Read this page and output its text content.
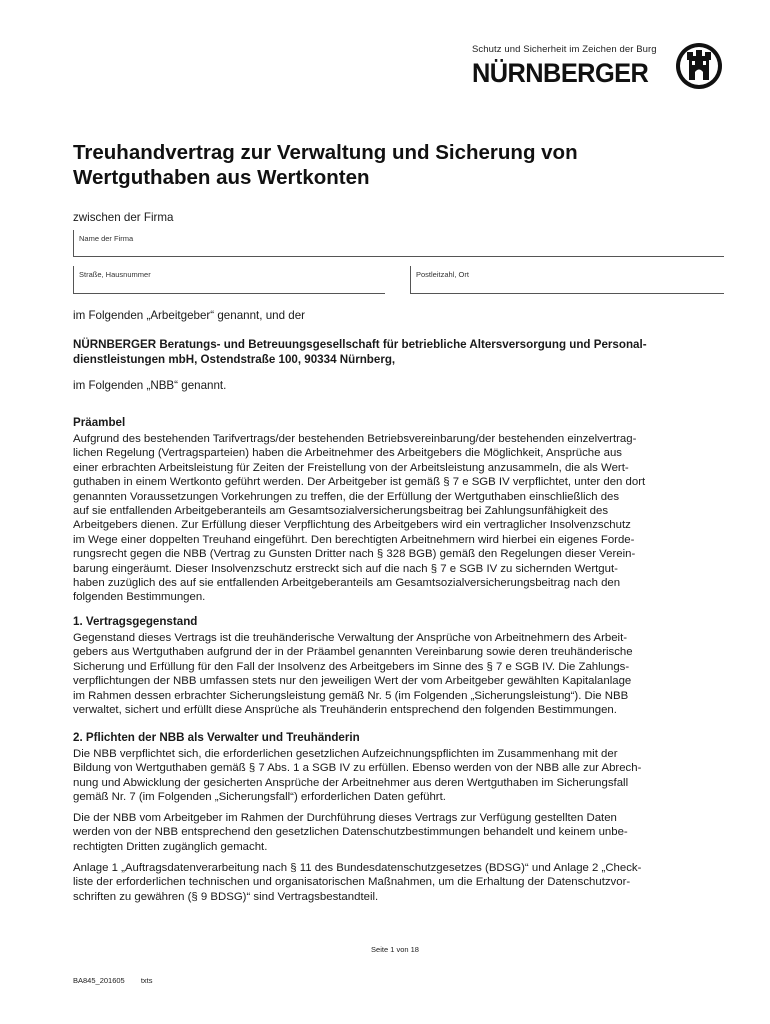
Schutz und Sicherheit im Zeichen der Burg
NÜRNBERGER
Treuhandvertrag zur Verwaltung und Sicherung von
Wertguthaben aus Wertkonten
zwischen der Firma
Name der Firma
Straße, Hausnummer	Postleitzahl, Ort
im Folgenden „Arbeitgeber“ genannt, und der
NÜRNBERGER Beratungs- und Betreuungsgesellschaft für betriebliche Altersversorgung und Personal-
dienstleistungen mbH, Ostendstraße 100, 90334 Nürnberg,
im Folgenden „NBB“ genannt.
Präambel
Aufgrund des bestehenden Tarifvertrags/der bestehenden Betriebsvereinbarung/der bestehenden einzelvertrag-
lichen Regelung (Vertragsparteien) haben die Arbeitnehmer des Arbeitgebers die Möglichkeit, Ansprüche aus
einer erbrachten Arbeitsleistung für Zeiten der Freistellung von der Arbeitsleistung anzusammeln, die als Wert-
guthaben in einem Wertkonto geführt werden. Der Arbeitgeber ist gemäß § 7 e SGB IV verpflichtet, unter den dort
genannten Voraussetzungen Vorkehrungen zu treffen, die der Erfüllung der Wertguthaben einschließlich des
auf sie entfallenden Arbeitgeberanteils am Gesamtsozialversicherungsbeitrag bei Zahlungsunfähigkeit des
Arbeitgebers dienen. Zur Erfüllung dieser Verpflichtung des Arbeitgebers wird ein vertraglicher Insolvenzschutz
im Wege einer doppelten Treuhand eingeführt. Den berechtigten Arbeitnehmern wird hierbei ein eigenes Forde-
rungsrecht gegen die NBB (Vertrag zu Gunsten Dritter nach § 328 BGB) gemäß den Regelungen dieser Verein-
barung eingeräumt. Dieser Insolvenzschutz erstreckt sich auf die nach § 7 e SGB IV zu sichernden Wertgut-
haben zuzüglich des auf sie entfallenden Arbeitgeberanteils am Gesamtsozialversicherungsbeitrag nach den
folgenden Bestimmungen.
1. Vertragsgegenstand
Gegenstand dieses Vertrags ist die treuhänderische Verwaltung der Ansprüche von Arbeitnehmern des Arbeit-
gebers aus Wertguthaben aufgrund der in der Präambel genannten Vereinbarung sowie deren treuhänderische
Sicherung und Erfüllung für den Fall der Insolvenz des Arbeitgebers im Sinne des § 7 e SGB IV. Die Zahlungs-
verpflichtungen der NBB umfassen stets nur den jeweiligen Wert der vom Arbeitgeber gewählten Kapitalanlage
im Rahmen dessen erbrachter Sicherungsleistung gemäß Nr. 5 (im Folgenden „Sicherungsleistung“). Die NBB
verwaltet, sichert und erfüllt diese Ansprüche als Treuhänderin entsprechend den folgenden Bestimmungen.
2. Pflichten der NBB als Verwalter und Treuhänderin
Die NBB verpflichtet sich, die erforderlichen gesetzlichen Aufzeichnungspflichten im Zusammenhang mit der
Bildung von Wertguthaben gemäß § 7 Abs. 1 a SGB IV zu erfüllen. Ebenso werden von der NBB alle zur Abrech-
nung und Abwicklung der gesicherten Ansprüche der Arbeitnehmer aus deren Wertguthaben im Sicherungsfall
gemäß Nr. 7 (im Folgenden „Sicherungsfall“) erforderlichen Daten geführt.
Die der NBB vom Arbeitgeber im Rahmen der Durchführung dieses Vertrags zur Verfügung gestellten Daten
werden von der NBB entsprechend den gesetzlichen Datenschutzbestimmungen behandelt und keinem unbe-
rechtigten Dritten zugänglich gemacht.
Anlage 1 „Auftragsdatenverarbeitung nach § 11 des Bundesdatenschutzgesetzes (BDSG)“ und Anlage 2 „Check-
liste der erforderlichen technischen und organisatorischen Maßnahmen, um die Erhaltung der Datenschutzvor-
schriften zu gewähren (§ 9 BDSG)“ sind Vertragsbestandteil.
Seite 1 von 18
BA845_201605 txts
